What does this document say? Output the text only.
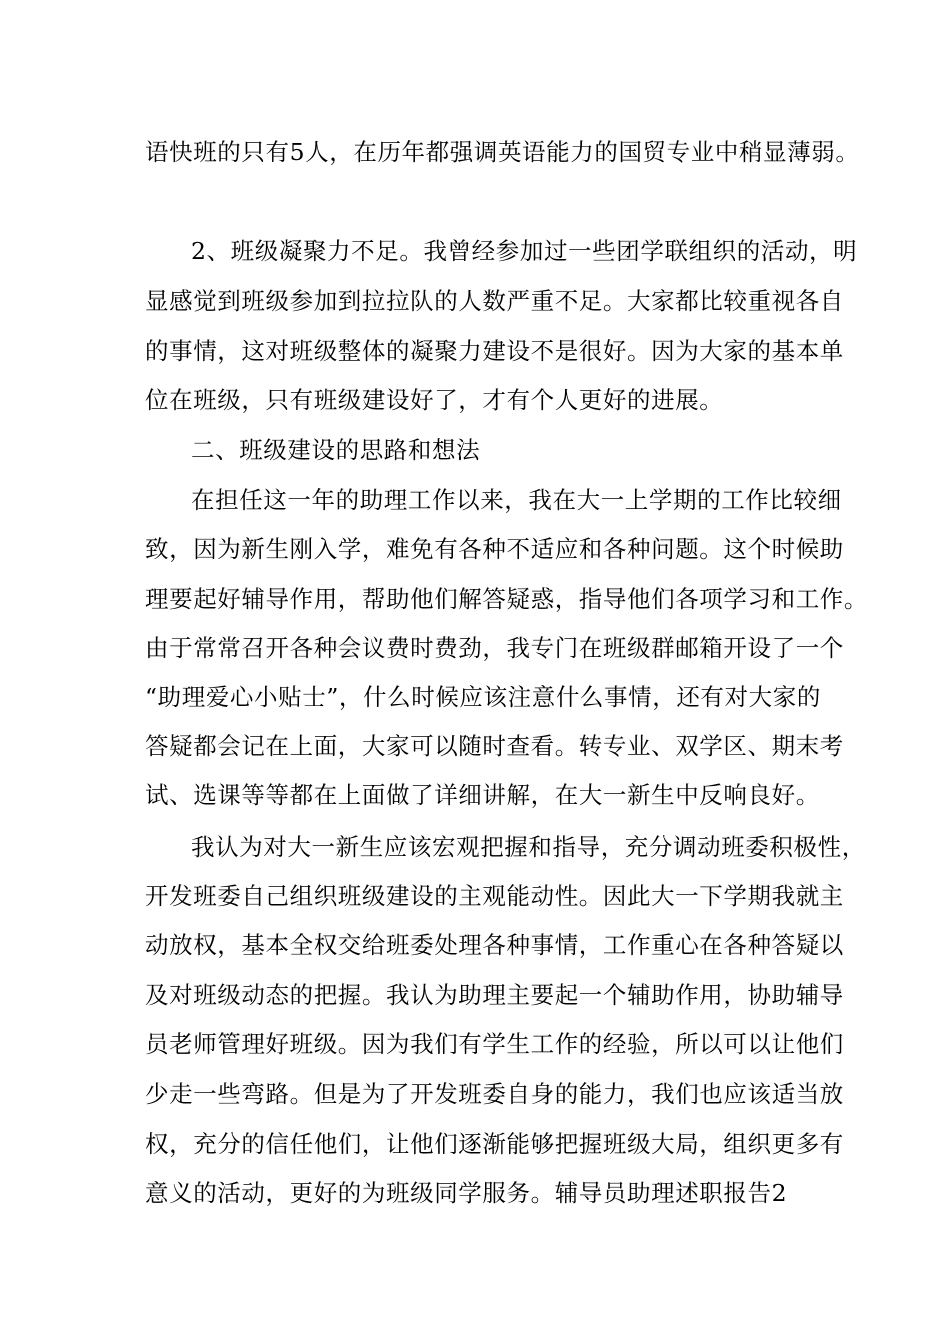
语快班的只有5人，在历年都强调英语能力的国贸专业中稍显薄弱。
2、班级凝聚力不足。我曾经参加过一些团学联组织的活动，明
显感觉到班级参加到拉拉队的人数严重不足。大家都比较重视各自
的事情，这对班级整体的凝聚力建设不是很好。因为大家的基本单
位在班级，只有班级建设好了，才有个人更好的进展。
二、班级建设的思路和想法
在担任这一年的助理工作以来，我在大一上学期的工作比较细
致，因为新生刚入学，难免有各种不适应和各种问题。这个时候助
理要起好辅导作用，帮助他们解答疑惑，指导他们各项学习和工作。
由于常常召开各种会议费时费劲，我专门在班级群邮箱开设了一个
“助理爱心小贴士”，什么时候应该注意什么事情，还有对大家的
答疑都会记在上面，大家可以随时查看。转专业、双学区、期末考
试、选课等等都在上面做了详细讲解，在大一新生中反响良好。
我认为对大一新生应该宏观把握和指导，充分调动班委积极性，
开发班委自己组织班级建设的主观能动性。因此大一下学期我就主
动放权，基本全权交给班委处理各种事情，工作重心在各种答疑以
及对班级动态的把握。我认为助理主要起一个辅助作用，协助辅导
员老师管理好班级。因为我们有学生工作的经验，所以可以让他们
少走一些弯路。但是为了开发班委自身的能力，我们也应该适当放
权，充分的信任他们，让他们逐渐能够把握班级大局，组织更多有
意义的活动，更好的为班级同学服务。辅导员助理述职报告2
